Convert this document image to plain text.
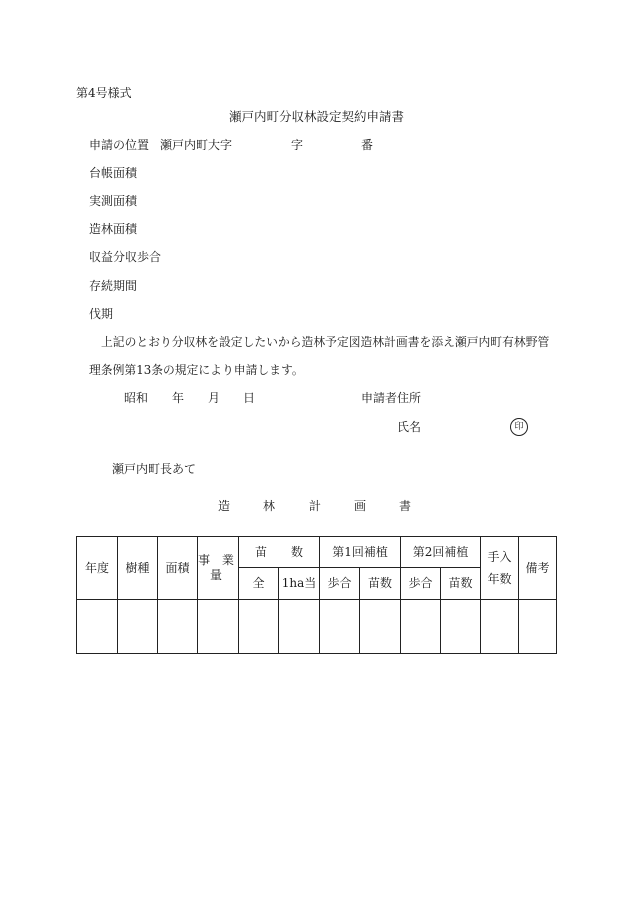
第4号様式
瀬戸内町分収林設定契約申請書
申請の位置 瀬戸内町大字	字	番
台帳面積
実測面積
造林面積
収益分収歩合
存続期間
伐期
上記のとおり分収林を設定したいから造林予定図造林計画書を添え瀬戸内町有林野管
理条例第13条の規定により申請します。
昭和 年 月 日	申請者住所
氏名	印
瀬戸内町長あて
造	林	計	画	書
年度	樹種	面積	事 業 量	苗　　数		第1回補植		第2回補植		手入年数	備考
				全	1ha当	歩合	苗数	歩合	苗数		
